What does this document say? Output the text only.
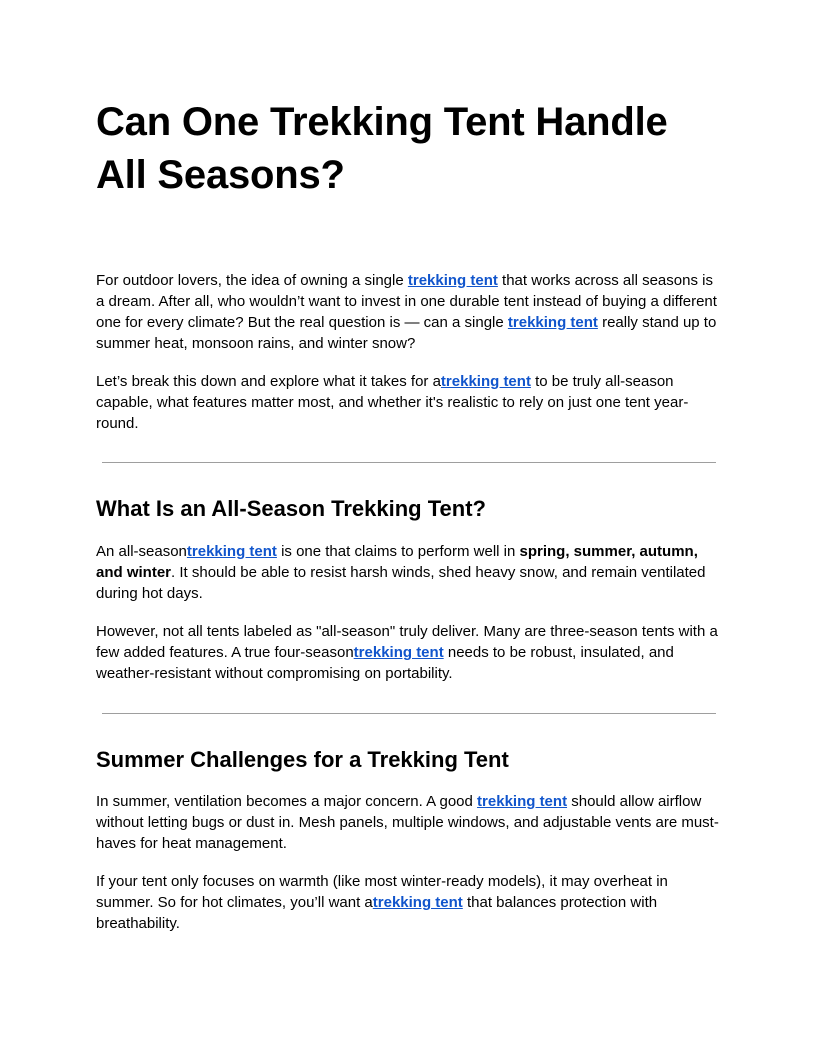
Can One Trekking Tent Handle
All Seasons?

For outdoor lovers, the idea of owning a single trekking tent that works across all seasons is a dream. After all, who wouldn’t want to invest in one durable tent instead of buying a different one for every climate? But the real question is — can a single trekking tent really stand up to summer heat, monsoon rains, and winter snow?

Let’s break this down and explore what it takes for atrekking tent to be truly all-season capable, what features matter most, and whether it's realistic to rely on just one tent year-round.

What Is an All-Season Trekking Tent?

An all-seasontrekking tent is one that claims to perform well in spring, summer, autumn, and winter. It should be able to resist harsh winds, shed heavy snow, and remain ventilated during hot days.

However, not all tents labeled as "all-season" truly deliver. Many are three-season tents with a few added features. A true four-seasontrekking tent needs to be robust, insulated, and weather-resistant without compromising on portability.

Summer Challenges for a Trekking Tent

In summer, ventilation becomes a major concern. A good trekking tent should allow airflow without letting bugs or dust in. Mesh panels, multiple windows, and adjustable vents are must-haves for heat management.

If your tent only focuses on warmth (like most winter-ready models), it may overheat in summer. So for hot climates, you’ll want atrekking tent that balances protection with breathability.
